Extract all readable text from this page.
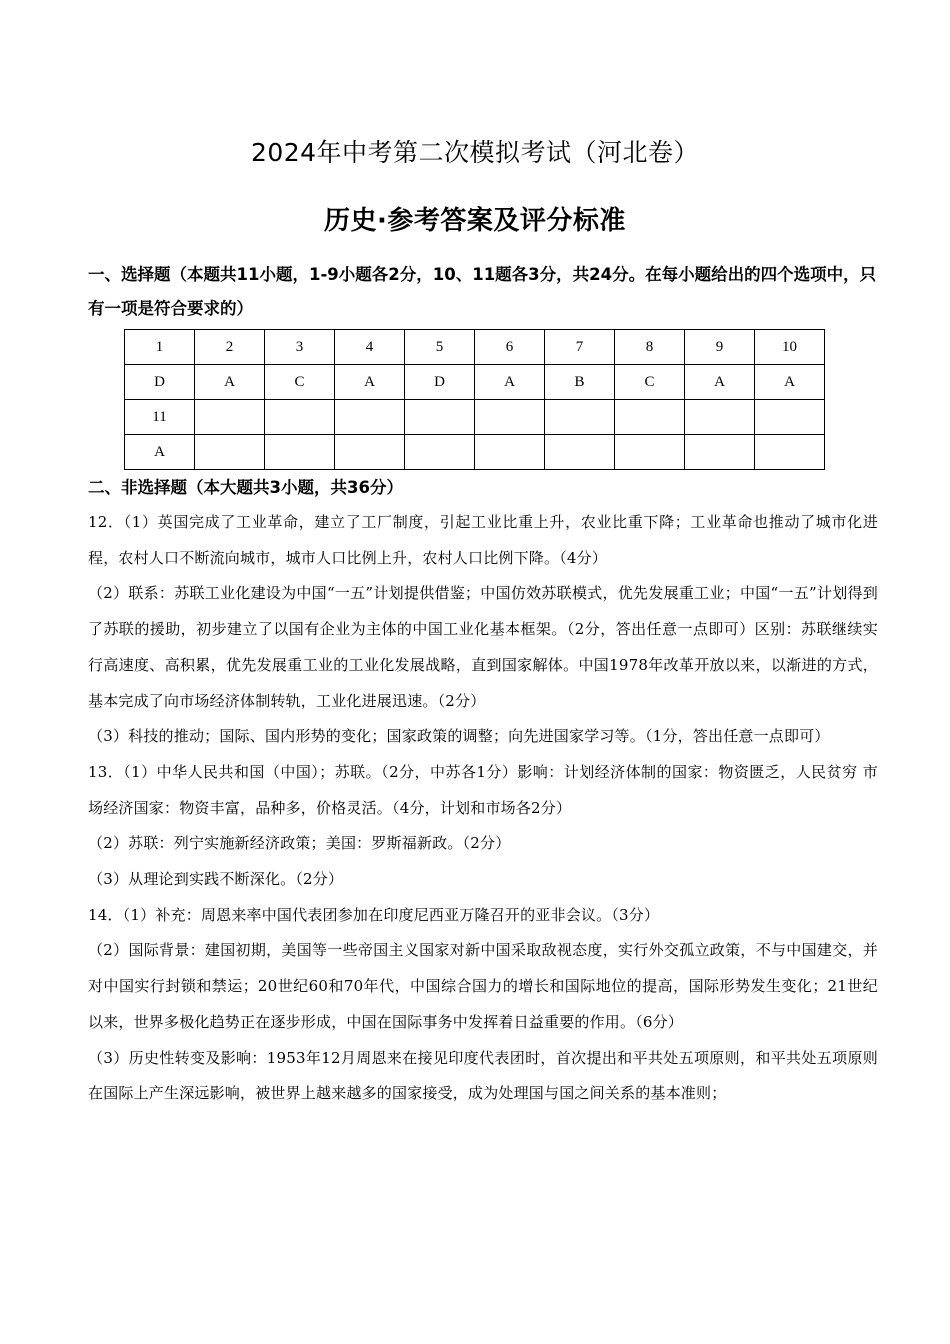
2024年中考第二次模拟考试（河北卷）
历史·参考答案及评分标准

一、选择题（本题共11小题，1-9小题各2分，10、11题各3分，共24分。在每小题给出的四个选项中，只有一项是符合要求的）

1	2	3	4	5	6	7	8	9	10
D	A	C	A	D	A	B	C	A	A
11									
A									

二、非选择题（本大题共3小题，共36分）

12．（1）英国完成了工业革命，建立了工厂制度，引起工业比重上升，农业比重下降；工业革命也推动了城市化进程，农村人口不断流向城市，城市人口比例上升，农村人口比例下降。（4分）

（2）联系：苏联工业化建设为中国“一五”计划提供借鉴；中国仿效苏联模式，优先发展重工业；中国“一五”计划得到了苏联的援助，初步建立了以国有企业为主体的中国工业化基本框架。（2分，答出任意一点即可）区别：苏联继续实行高速度、高积累，优先发展重工业的工业化发展战略，直到国家解体。中国1978年改革开放以来，以渐进的方式，基本完成了向市场经济体制转轨，工业化进展迅速。（2分）

（3）科技的推动；国际、国内形势的变化；国家政策的调整；向先进国家学习等。（1分，答出任意一点即可）

13．（1）中华人民共和国（中国）；苏联。（2分，中苏各1分）影响：计划经济体制的国家：物资匮乏，人民贫穷 市场经济国家：物资丰富，品种多，价格灵活。（4分，计划和市场各2分）

（2）苏联：列宁实施新经济政策；美国：罗斯福新政。（2分）

（3）从理论到实践不断深化。（2分）

14．（1）补充：周恩来率中国代表团参加在印度尼西亚万隆召开的亚非会议。（3分）

（2）国际背景：建国初期，美国等一些帝国主义国家对新中国采取敌视态度，实行外交孤立政策，不与中国建交，并对中国实行封锁和禁运；20世纪60和70年代，中国综合国力的增长和国际地位的提高，国际形势发生变化；21世纪以来，世界多极化趋势正在逐步形成，中国在国际事务中发挥着日益重要的作用。（6分）

（3）历史性转变及影响：1953年12月周恩来在接见印度代表团时，首次提出和平共处五项原则，和平共处五项原则在国际上产生深远影响，被世界上越来越多的国家接受，成为处理国与国之间关系的基本准则；
